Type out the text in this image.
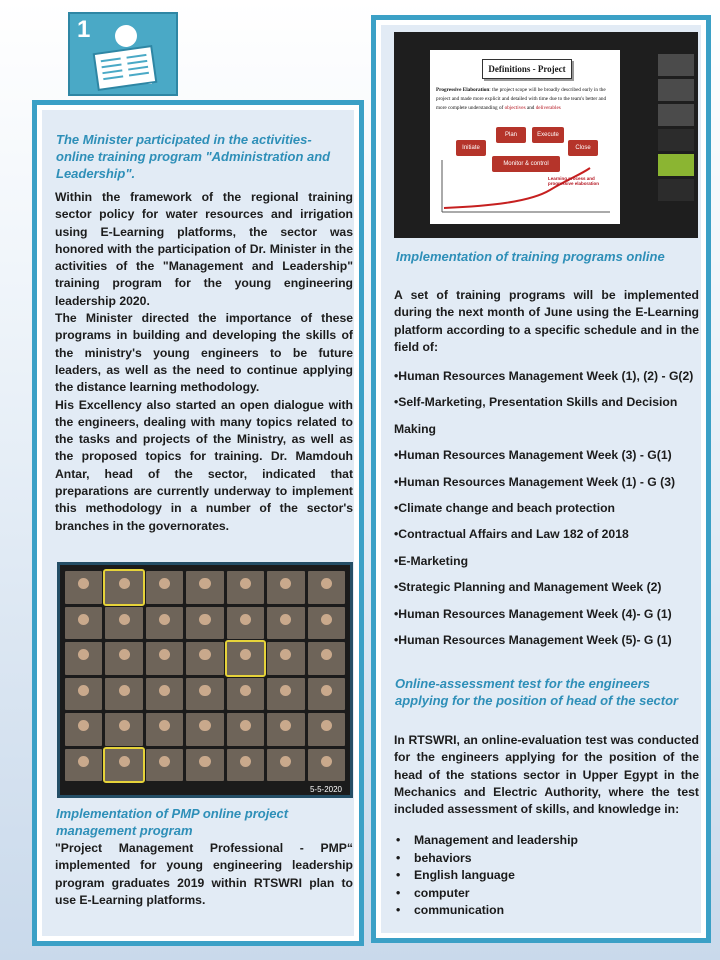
1

The Minister participated in the activities- online training program "Administration and Leadership".

Within the framework of the regional training sector policy for water resources and irrigation using E-Learning platforms, the sector was honored with the participation of Dr. Minister in the activities of the "Management and Leadership" training program for the young engineering leadership 2020.

The Minister directed the importance of these programs in building and developing the skills of the ministry's young engineers to be future leaders, as well as the need to continue applying the distance learning methodology.

His Excellency also started an open dialogue with the engineers, dealing with many topics related to the tasks and projects of the Ministry, as well as the proposed topics for training. Dr. Mamdouh Antar, head of the sector, indicated that preparations are currently underway to implement this methodology in a number of the sector's branches in the governorates.

5-5-2020

Implementation of PMP online project management program

"Project Management Professional - PMP“ implemented for young engineering leadership program graduates 2019 within RTSWRI plan to use E-Learning platforms.

Definitions - Project
Progressive Elaboration: the project scope will be broadly described early in the project and made more explicit and detailed with time due to the team's better and more complete understanding of objectives and deliverables
Initiate
Plan	Execute
Monitor & control
Close
Learning process and progressive elaboration

Implementation of training programs online

A set of training programs will be implemented during the next month of June using the E-Learning platform according to a specific schedule and in the field of:

•Human Resources Management Week (1), (2) - G(2)
•Self-Marketing, Presentation Skills and Decision Making
•Human Resources Management Week (3) - G(1)
•Human Resources Management Week (1) - G (3)
•Climate change and beach protection
•Contractual Affairs and Law 182 of 2018
•E-Marketing
•Strategic Planning and Management Week (2)
•Human Resources Management Week (4)- G (1)
•Human Resources Management Week (5)- G (1)

Online-assessment test for the engineers applying for the position of head of the sector

In RTSWRI, an online-evaluation test was conducted for the engineers applying for the position of the head of the stations sector in Upper Egypt in the Mechanics and Electric Authority, where the test included assessment of skills, and knowledge in:

• Management and leadership
• behaviors
• English language
• computer
• communication
